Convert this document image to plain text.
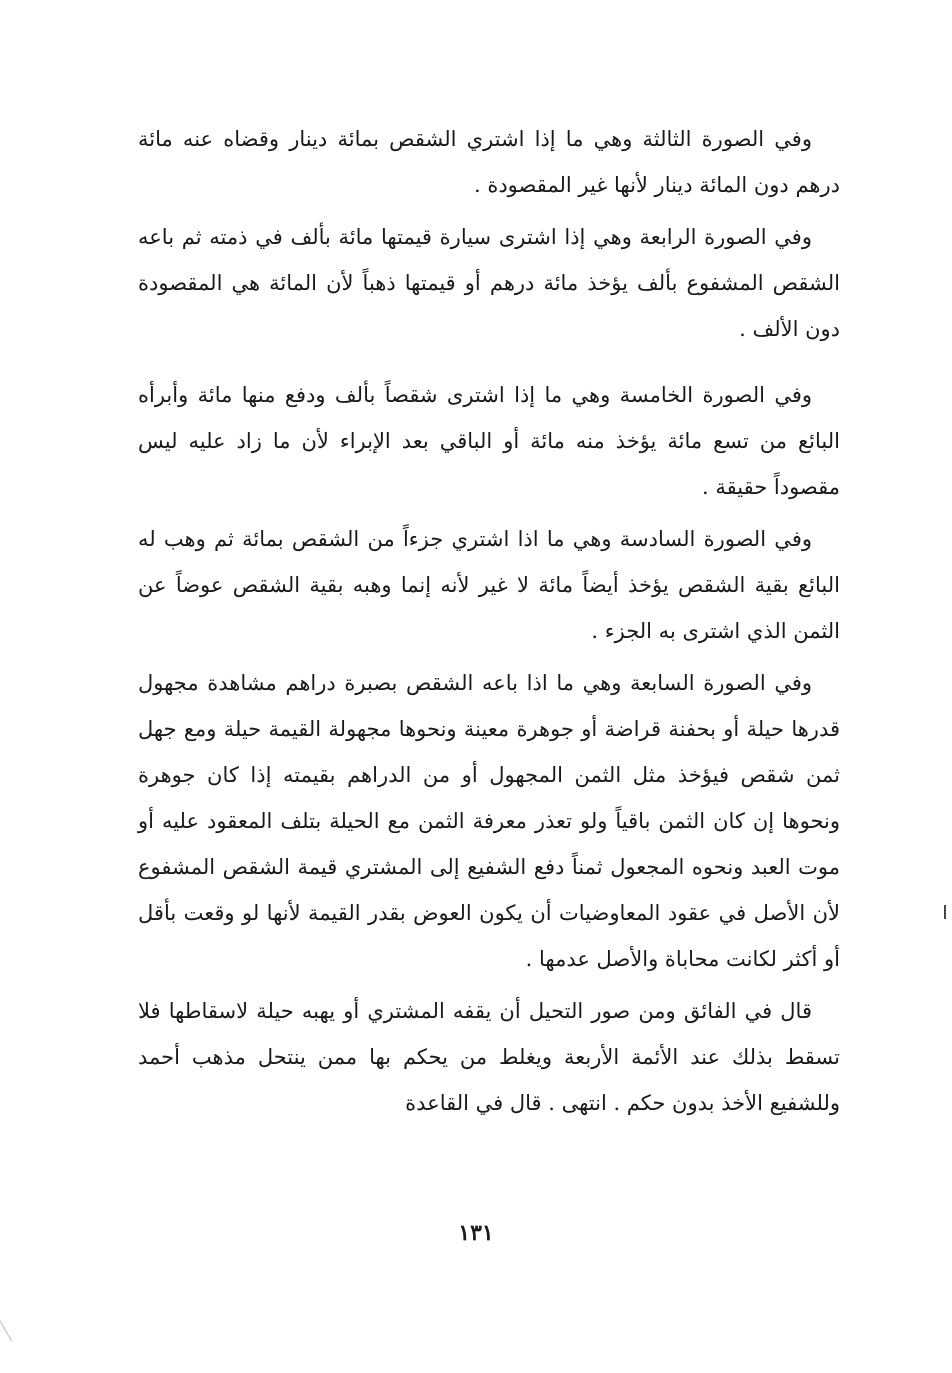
وفي الصورة الثالثة وهي ما إذا اشتري الشقص بمائة دينار وقضاه عنه مائة درهم دون المائة دينار لأنها غير المقصودة .

وفي الصورة الرابعة وهي إذا اشترى سيارة قيمتها مائة بألف في ذمته ثم باعه الشقص المشفوع بألف يؤخذ مائة درهم أو قيمتها ذهباً لأن المائة هي المقصودة دون الألف .

وفي الصورة الخامسة وهي ما إذا اشترى شقصاً بألف ودفع منها مائة وأبرأه البائع من تسع مائة يؤخذ منه مائة أو الباقي بعد الإبراء لأن ما زاد عليه ليس مقصوداً حقيقة .

وفي الصورة السادسة وهي ما اذا اشتري جزءاً من الشقص بمائة ثم وهب له البائع بقية الشقص يؤخذ أيضاً مائة لا غير لأنه إنما وهبه بقية الشقص عوضاً عن الثمن الذي اشترى به الجزء .

وفي الصورة السابعة وهي ما اذا باعه الشقص بصبرة دراهم مشاهدة مجهول قدرها حيلة أو بحفنة قراضة أو جوهرة معينة ونحوها مجهولة القيمة حيلة ومع جهل ثمن شقص فيؤخذ مثل الثمن المجهول أو من الدراهم بقيمته إذا كان جوهرة ونحوها إن كان الثمن باقياً ولو تعذر معرفة الثمن مع الحيلة بتلف المعقود عليه أو موت العبد ونحوه المجعول ثمناً دفع الشفيع إلى المشتري قيمة الشقص المشفوع لأن الأصل في عقود المعاوضيات أن يكون العوض بقدر القيمة لأنها لو وقعت بأقل أو أكثر لكانت محاباة والأصل عدمها .

قال في الفائق ومن صور التحيل أن يقفه المشتري أو يهبه حيلة لاسقاطها فلا تسقط بذلك عند الأئمة الأربعة ويغلط من يحكم بها ممن ينتحل مذهب أحمد وللشفيع الأخذ بدون حكم . انتهى . قال في القاعدة

١٣١
